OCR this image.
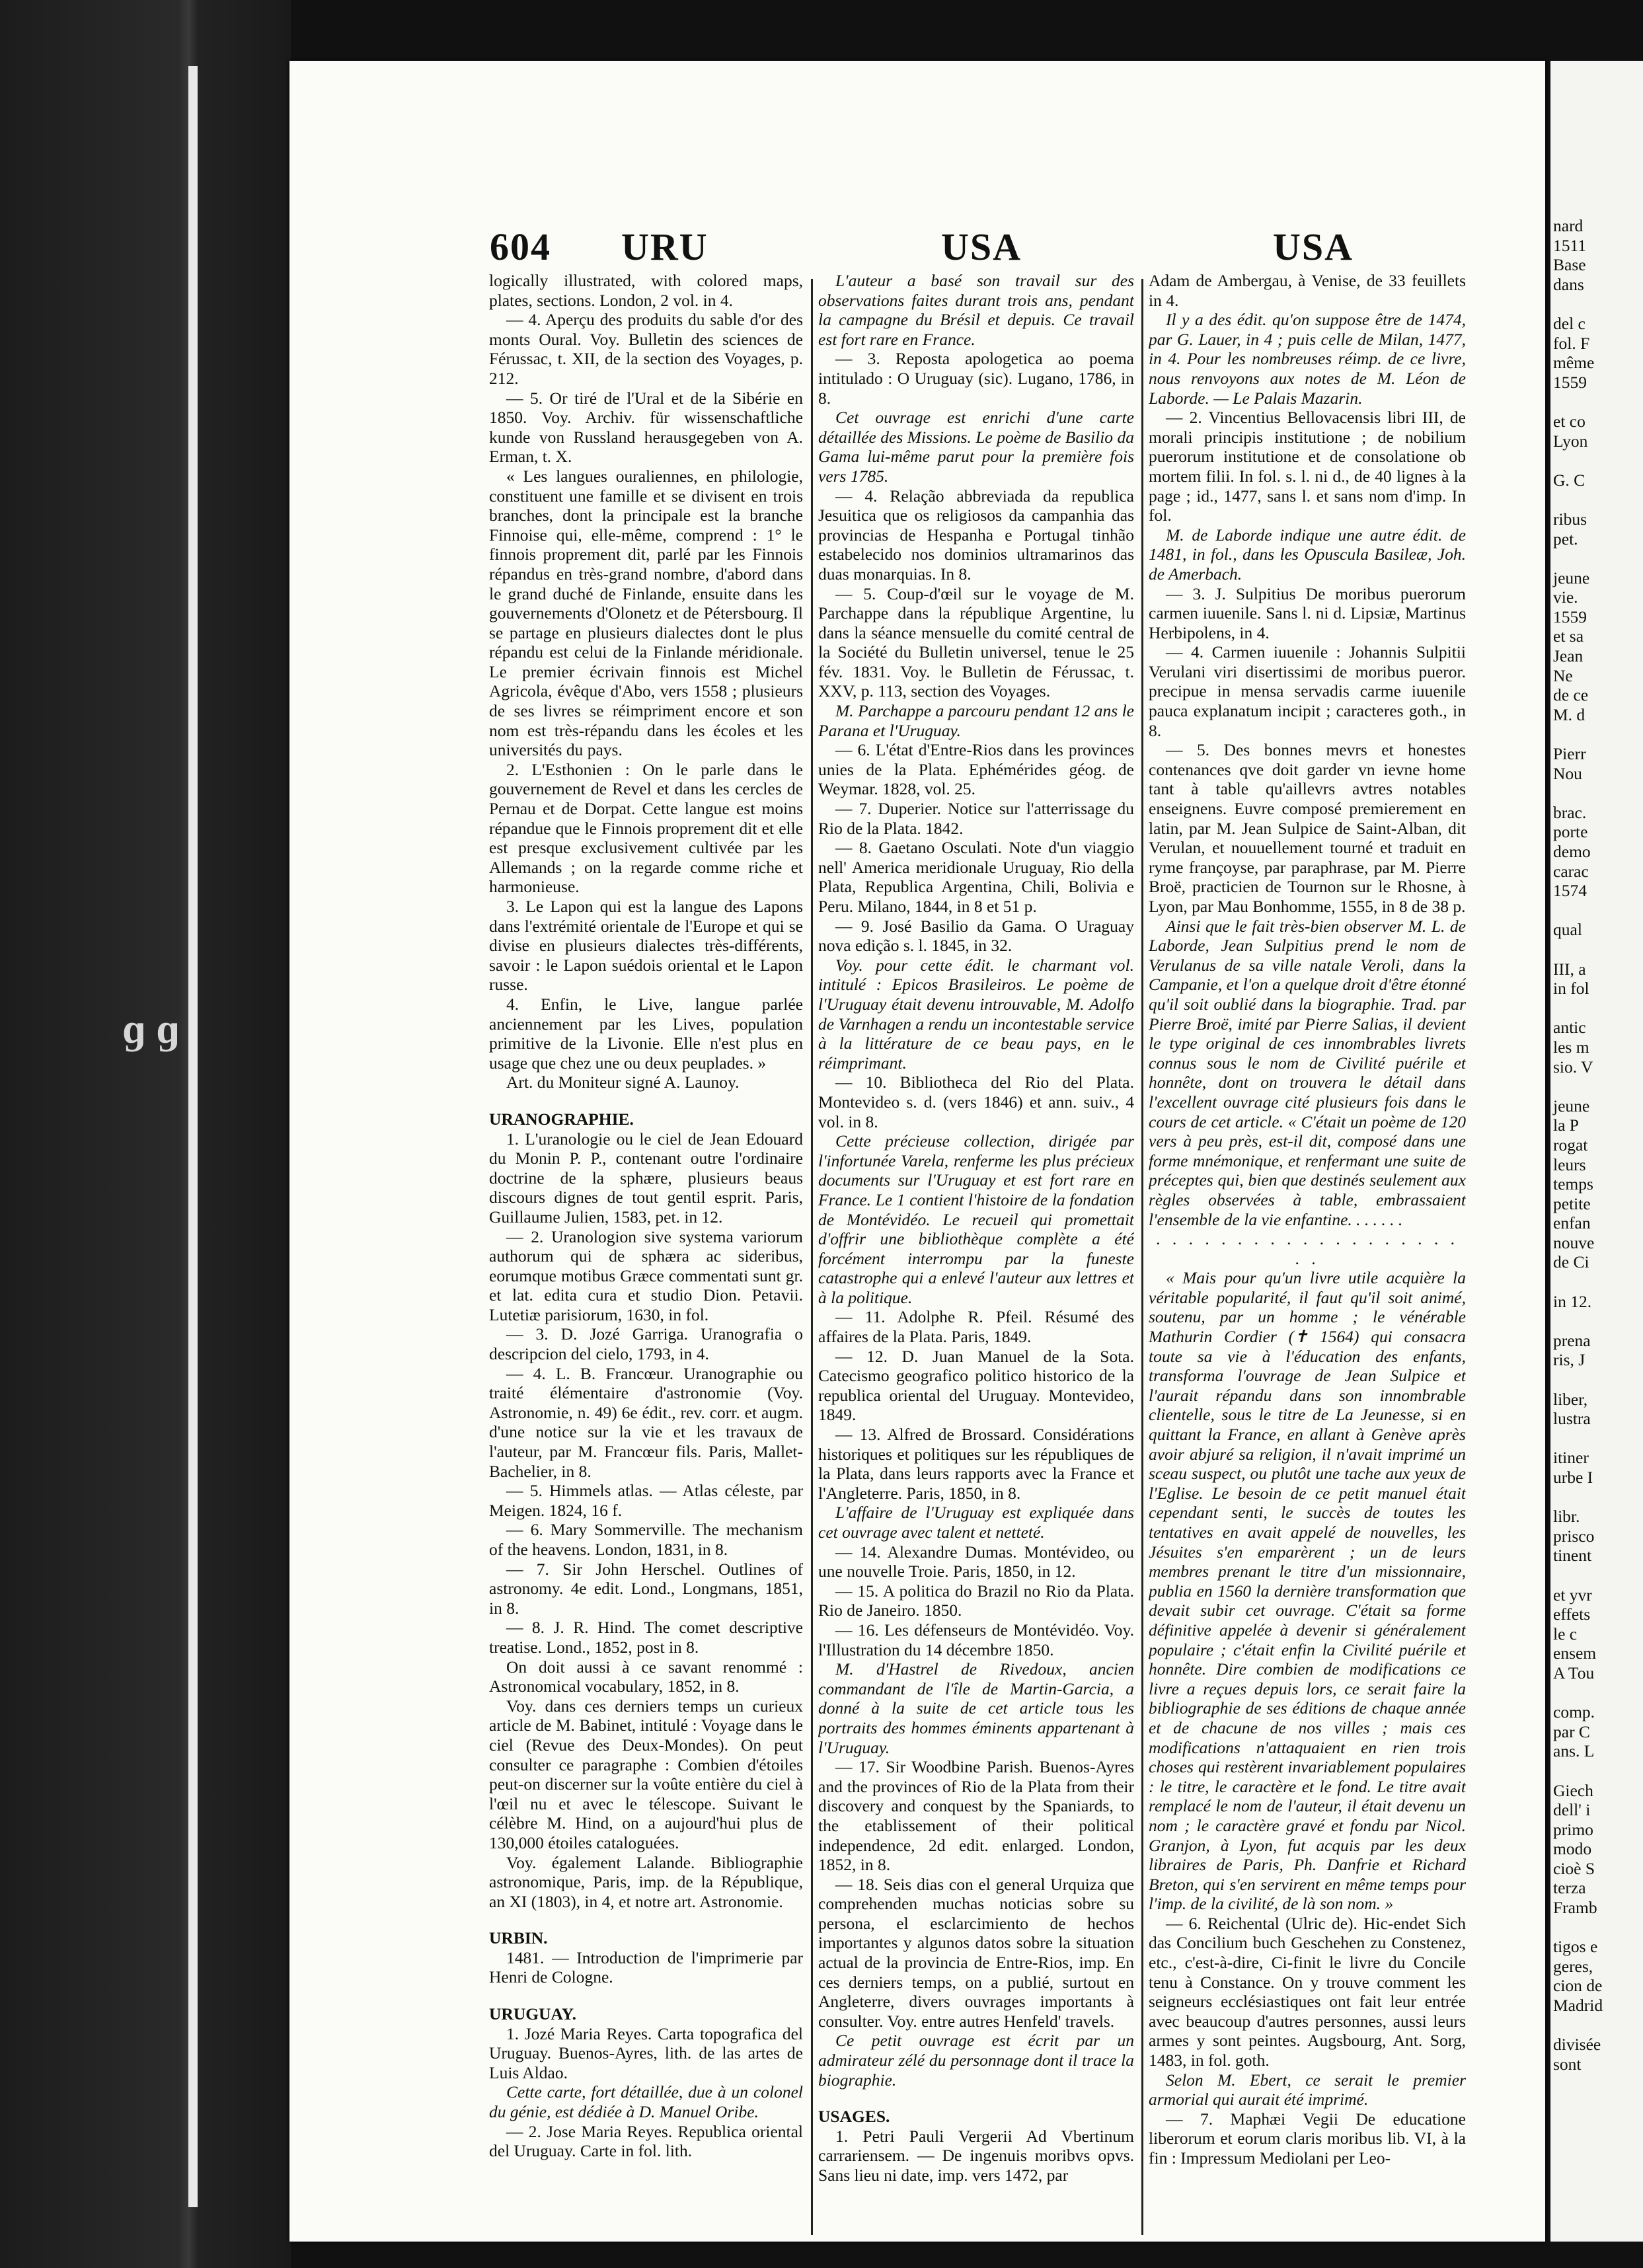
ɡ ɡ
604 URU	USA	USA

logically illustrated, with colored maps, plates, sections. London, 2 vol. in 4.

— 4. Aperçu des produits du sable d'or des monts Oural. Voy. Bulletin des sciences de Férussac, t. XII, de la section des Voyages, p. 212.

— 5. Or tiré de l'Ural et de la Sibérie en 1850. Voy. Archiv. für wissenschaftliche kunde von Russland herausgegeben von A. Erman, t. X.

« Les langues ouraliennes, en philologie, constituent une famille et se divisent en trois branches, dont la principale est la branche Finnoise qui, elle-même, comprend : 1° le finnois proprement dit, parlé par les Finnois répandus en très-grand nombre, d'abord dans le grand duché de Finlande, ensuite dans les gouvernements d'Olonetz et de Pétersbourg. Il se partage en plusieurs dialectes dont le plus répandu est celui de la Finlande méridionale. Le premier écrivain finnois est Michel Agricola, évêque d'Abo, vers 1558 ; plusieurs de ses livres se réimpriment encore et son nom est très-répandu dans les écoles et les universités du pays.

2. L'Esthonien : On le parle dans le gouvernement de Revel et dans les cercles de Pernau et de Dorpat. Cette langue est moins répandue que le Finnois proprement dit et elle est presque exclusivement cultivée par les Allemands ; on la regarde comme riche et harmonieuse.

3. Le Lapon qui est la langue des Lapons dans l'extrémité orientale de l'Europe et qui se divise en plusieurs dialectes très-différents, savoir : le Lapon suédois oriental et le Lapon russe.

4. Enfin, le Live, langue parlée anciennement par les Lives, population primitive de la Livonie. Elle n'est plus en usage que chez une ou deux peuplades. »

Art. du Moniteur signé A. Launoy.

URANOGRAPHIE.

1. L'uranologie ou le ciel de Jean Edouard du Monin P. P., contenant outre l'ordinaire doctrine de la sphære, plusieurs beaus discours dignes de tout gentil esprit. Paris, Guillaume Julien, 1583, pet. in 12.

— 2. Uranologion sive systema variorum authorum qui de sphæra ac sideribus, eorumque motibus Græce commentati sunt gr. et lat. edita cura et studio Dion. Petavii. Lutetiæ parisiorum, 1630, in fol.

— 3. D. Jozé Garriga. Uranografia o descripcion del cielo, 1793, in 4.

— 4. L. B. Francœur. Uranographie ou traité élémentaire d'astronomie (Voy. Astronomie, n. 49) 6e édit., rev. corr. et augm. d'une notice sur la vie et les travaux de l'auteur, par M. Francœur fils. Paris, Mallet-Bachelier, in 8.

— 5. Himmels atlas. — Atlas céleste, par Meigen. 1824, 16 f.

— 6. Mary Sommerville. The mechanism of the heavens. London, 1831, in 8.

— 7. Sir John Herschel. Outlines of astronomy. 4e edit. Lond., Longmans, 1851, in 8.

— 8. J. R. Hind. The comet descriptive treatise. Lond., 1852, post in 8.

On doit aussi à ce savant renommé : Astronomical vocabulary, 1852, in 8.

Voy. dans ces derniers temps un curieux article de M. Babinet, intitulé : Voyage dans le ciel (Revue des Deux-Mondes). On peut consulter ce paragraphe : Combien d'étoiles peut-on discerner sur la voûte entière du ciel à l'œil nu et avec le télescope. Suivant le célèbre M. Hind, on a aujourd'hui plus de 130,000 étoiles cataloguées.

Voy. également Lalande. Bibliographie astronomique, Paris, imp. de la République, an XI (1803), in 4, et notre art. Astronomie.

URBIN.

1481. — Introduction de l'imprimerie par Henri de Cologne.

URUGUAY.

1. Jozé Maria Reyes. Carta topografica del Uruguay. Buenos-Ayres, lith. de las artes de Luis Aldao.

Cette carte, fort détaillée, due à un colonel du génie, est dédiée à D. Manuel Oribe.

— 2. Jose Maria Reyes. Republica oriental del Uruguay. Carte in fol. lith.

L'auteur a basé son travail sur des observations faites durant trois ans, pendant la campagne du Brésil et depuis. Ce travail est fort rare en France.

— 3. Reposta apologetica ao poema intitulado : O Uruguay (sic). Lugano, 1786, in 8.

Cet ouvrage est enrichi d'une carte détaillée des Missions. Le poème de Basilio da Gama lui-même parut pour la première fois vers 1785.

— 4. Relação abbreviada da republica Jesuitica que os religiosos da campanhia das provincias de Hespanha e Portugal tinhão estabelecido nos dominios ultramarinos das duas monarquias. In 8.

— 5. Coup-d'œil sur le voyage de M. Parchappe dans la république Argentine, lu dans la séance mensuelle du comité central de la Société du Bulletin universel, tenue le 25 fév. 1831. Voy. le Bulletin de Férussac, t. XXV, p. 113, section des Voyages.

M. Parchappe a parcouru pendant 12 ans le Parana et l'Uruguay.

— 6. L'état d'Entre-Rios dans les provinces unies de la Plata. Ephémérides géog. de Weymar. 1828, vol. 25.

— 7. Duperier. Notice sur l'atterrissage du Rio de la Plata. 1842.

— 8. Gaetano Osculati. Note d'un viaggio nell' America meridionale Uruguay, Rio della Plata, Republica Argentina, Chili, Bolivia e Peru. Milano, 1844, in 8 et 51 p.

— 9. José Basilio da Gama. O Uraguay nova edição s. l. 1845, in 32.

Voy. pour cette édit. le charmant vol. intitulé : Epicos Brasileiros. Le poème de l'Uruguay était devenu introuvable, M. Adolfo de Varnhagen a rendu un incontestable service à la littérature de ce beau pays, en le réimprimant.

— 10. Bibliotheca del Rio del Plata. Montevideo s. d. (vers 1846) et ann. suiv., 4 vol. in 8.

Cette précieuse collection, dirigée par l'infortunée Varela, renferme les plus précieux documents sur l'Uruguay et est fort rare en France. Le 1 contient l'histoire de la fondation de Montévidéo. Le recueil qui promettait d'offrir une bibliothèque complète a été forcément interrompu par la funeste catastrophe qui a enlevé l'auteur aux lettres et à la politique.

— 11. Adolphe R. Pfeil. Résumé des affaires de la Plata. Paris, 1849.

— 12. D. Juan Manuel de la Sota. Catecismo geografico politico historico de la republica oriental del Uruguay. Montevideo, 1849.

— 13. Alfred de Brossard. Considérations historiques et politiques sur les républiques de la Plata, dans leurs rapports avec la France et l'Angleterre. Paris, 1850, in 8.

L'affaire de l'Uruguay est expliquée dans cet ouvrage avec talent et netteté.

— 14. Alexandre Dumas. Montévideo, ou une nouvelle Troie. Paris, 1850, in 12.

— 15. A politica do Brazil no Rio da Plata. Rio de Janeiro. 1850.

— 16. Les défenseurs de Montévidéo. Voy. l'Illustration du 14 décembre 1850.

M. d'Hastrel de Rivedoux, ancien commandant de l'île de Martin-Garcia, a donné à la suite de cet article tous les portraits des hommes éminents appartenant à l'Uruguay.

— 17. Sir Woodbine Parish. Buenos-Ayres and the provinces of Rio de la Plata from their discovery and conquest by the Spaniards, to the etablissement of their political independence, 2d edit. enlarged. London, 1852, in 8.

— 18. Seis dias con el general Urquiza que comprehenden muchas noticias sobre su persona, el esclarcimiento de hechos importantes y algunos datos sobre la situation actual de la provincia de Entre-Rios, imp. En ces derniers temps, on a publié, surtout en Angleterre, divers ouvrages importants à consulter. Voy. entre autres Henfeld' travels.

Ce petit ouvrage est écrit par un admirateur zélé du personnage dont il trace la biographie.

USAGES.

1. Petri Pauli Vergerii Ad Vbertinum carrariensem. — De ingenuis moribvs opvs. Sans lieu ni date, imp. vers 1472, par

Adam de Ambergau, à Venise, de 33 feuillets in 4.

Il y a des édit. qu'on suppose être de 1474, par G. Lauer, in 4 ; puis celle de Milan, 1477, in 4. Pour les nombreuses réimp. de ce livre, nous renvoyons aux notes de M. Léon de Laborde. — Le Palais Mazarin.

— 2. Vincentius Bellovacensis libri III, de morali principis institutione ; de nobilium puerorum institutione et de consolatione ob mortem filii. In fol. s. l. ni d., de 40 lignes à la page ; id., 1477, sans l. et sans nom d'imp. In fol.

M. de Laborde indique une autre édit. de 1481, in fol., dans les Opuscula Basileæ, Joh. de Amerbach.

— 3. J. Sulpitius De moribus puerorum carmen iuuenile. Sans l. ni d. Lipsiæ, Martinus Herbipolens, in 4.

— 4. Carmen iuuenile : Johannis Sulpitii Verulani viri disertissimi de moribus pueror. precipue in mensa servadis carme iuuenile pauca explanatum incipit ; caracteres goth., in 8.

— 5. Des bonnes mevrs et honestes contenances qve doit garder vn ievne home tant à table qu'aillevrs avtres notables enseignens. Euvre composé premierement en latin, par M. Jean Sulpice de Saint-Alban, dit Verulan, et nouuellement tourné et traduit en ryme françoyse, par paraphrase, par M. Pierre Broë, practicien de Tournon sur le Rhosne, à Lyon, par Mau Bonhomme, 1555, in 8 de 38 p.

Ainsi que le fait très-bien observer M. L. de Laborde, Jean Sulpitius prend le nom de Verulanus de sa ville natale Veroli, dans la Campanie, et l'on a quelque droit d'être étonné qu'il soit oublié dans la biographie. Trad. par Pierre Broë, imité par Pierre Salias, il devient le type original de ces innombrables livrets connus sous le nom de Civilité puérile et honnête, dont on trouvera le détail dans l'excellent ouvrage cité plusieurs fois dans le cours de cet article. « C'était un poème de 120 vers à peu près, est-il dit, composé dans une forme mnémonique, et renfermant une suite de préceptes qui, bien que destinés seulement aux règles observées à table, embrassaient l'ensemble de la vie enfantine. . . . . . .

. . . . . . . . . . . . . . . . . . . . .

« Mais pour qu'un livre utile acquière la véritable popularité, il faut qu'il soit animé, soutenu, par un homme ; le vénérable Mathurin Cordier (✝ 1564) qui consacra toute sa vie à l'éducation des enfants, transforma l'ouvrage de Jean Sulpice et l'aurait répandu dans son innombrable clientelle, sous le titre de La Jeunesse, si en quittant la France, en allant à Genève après avoir abjuré sa religion, il n'avait imprimé un sceau suspect, ou plutôt une tache aux yeux de l'Eglise. Le besoin de ce petit manuel était cependant senti, le succès de toutes les tentatives en avait appelé de nouvelles, les Jésuites s'en emparèrent ; un de leurs membres prenant le titre d'un missionnaire, publia en 1560 la dernière transformation que devait subir cet ouvrage. C'était sa forme définitive appelée à devenir si généralement populaire ; c'était enfin la Civilité puérile et honnête. Dire combien de modifications ce livre a reçues depuis lors, ce serait faire la bibliographie de ses éditions de chaque année et de chacune de nos villes ; mais ces modifications n'attaquaient en rien trois choses qui restèrent invariablement populaires : le titre, le caractère et le fond. Le titre avait remplacé le nom de l'auteur, il était devenu un nom ; le caractère gravé et fondu par Nicol. Granjon, à Lyon, fut acquis par les deux libraires de Paris, Ph. Danfrie et Richard Breton, qui s'en servirent en même temps pour l'imp. de la civilité, de là son nom. »

— 6. Reichental (Ulric de). Hic-endet Sich das Concilium buch Geschehen zu Constenez, etc., c'est-à-dire, Ci-finit le livre du Concile tenu à Constance. On y trouve comment les seigneurs ecclésiastiques ont fait leur entrée avec beaucoup d'autres personnes, aussi leurs armes y sont peintes. Augsbourg, Ant. Sorg, 1483, in fol. goth.

Selon M. Ebert, ce serait le premier armorial qui aurait été imprimé.

— 7. Maphæi Vegii De educatione liberorum et eorum claris moribus lib. VI, à la fin : Impressum Mediolani per Leo-

nard
1511
Base
dans

del c
fol. F
même
1559

et co
Lyon

G. C

ribus
pet.

jeune
vie.
1559
et sa
Jean
Ne
de ce
M. d

Pierr
Nou

brac.
porte
demo
carac
1574

qual

III, a
in fol

antic
les m
sio. V

jeune
la P
rogat
leurs
temps
petite
enfan
nouve
de Ci

in 12.

prena
ris, J

liber,
lustra

itiner
urbe I

libr.
prisco
tinent

et yvr
effets
le c
ensem
A Tou

comp.
par C
ans. L

Giech
dell' i
primo
modo
cioè S
terza
Framb

tigos e
geres,
cion de
Madrid

divisée
sont
